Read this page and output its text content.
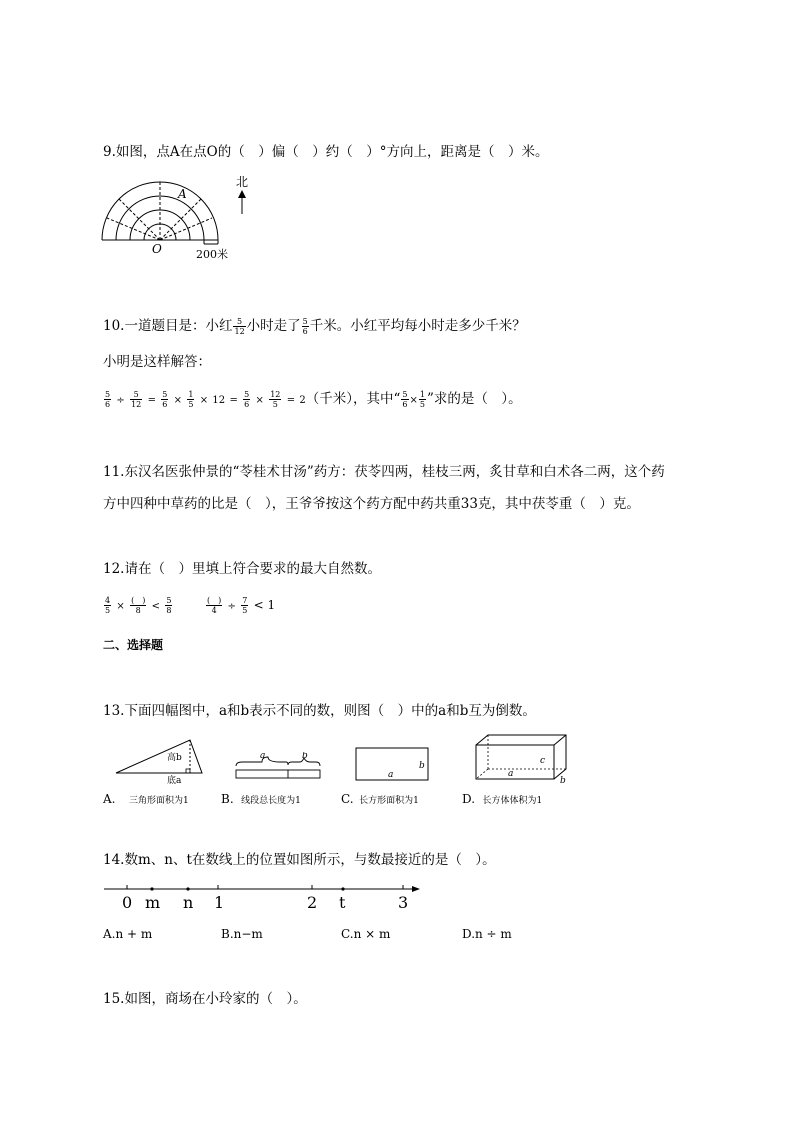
9.如图，点A在点O的（　）偏（　）约（　）°方向上，距离是（　）米。
北
A
O	200米
10.一道题目是：小红 $\frac{5}{12}$ 小时走了 $\frac{5}{6}$ 千米。小红平均每小时走多少千米？
小明是这样解答：
$\frac{5}{6} \div \frac{5}{12} = \frac{5}{6} \times \frac{1}{5} \times 12 = \frac{5}{6} \times \frac{12}{5} = 2$（千米），其中“ $\frac{5}{6} \times \frac{1}{5}$ ”求的是（　）。
11.东汉名医张仲景的“苓桂术甘汤”药方：茯苓四两，桂枝三两，炙甘草和白术各二两，这个药
方中四种中草药的比是（　），王爷爷按这个药方配中药共重33克，其中茯苓重（　）克。
12.请在（　）里填上符合要求的最大自然数。
$\frac{4}{5} \times \frac{( )}{8} < \frac{5}{8}$	$\frac{( )}{4} \div \frac{7}{5} < 1$
二、选择题
13.下面四幅图中，a和b表示不同的数，则图（　）中的a和b互为倒数。
高b
底a
A. 三角形面积为1
a	b
B. 线段总长度为1
a
b
C. 长方形面积为1
a
b
c
D. 长方体体积为1
14.数m、n、t在数线上的位置如图所示，与数最接近的是（　）。
0 m n 1	2 t	3
A.n + m	B.n−m	C.n × m	D.n ÷ m
15.如图，商场在小玲家的（　）。
